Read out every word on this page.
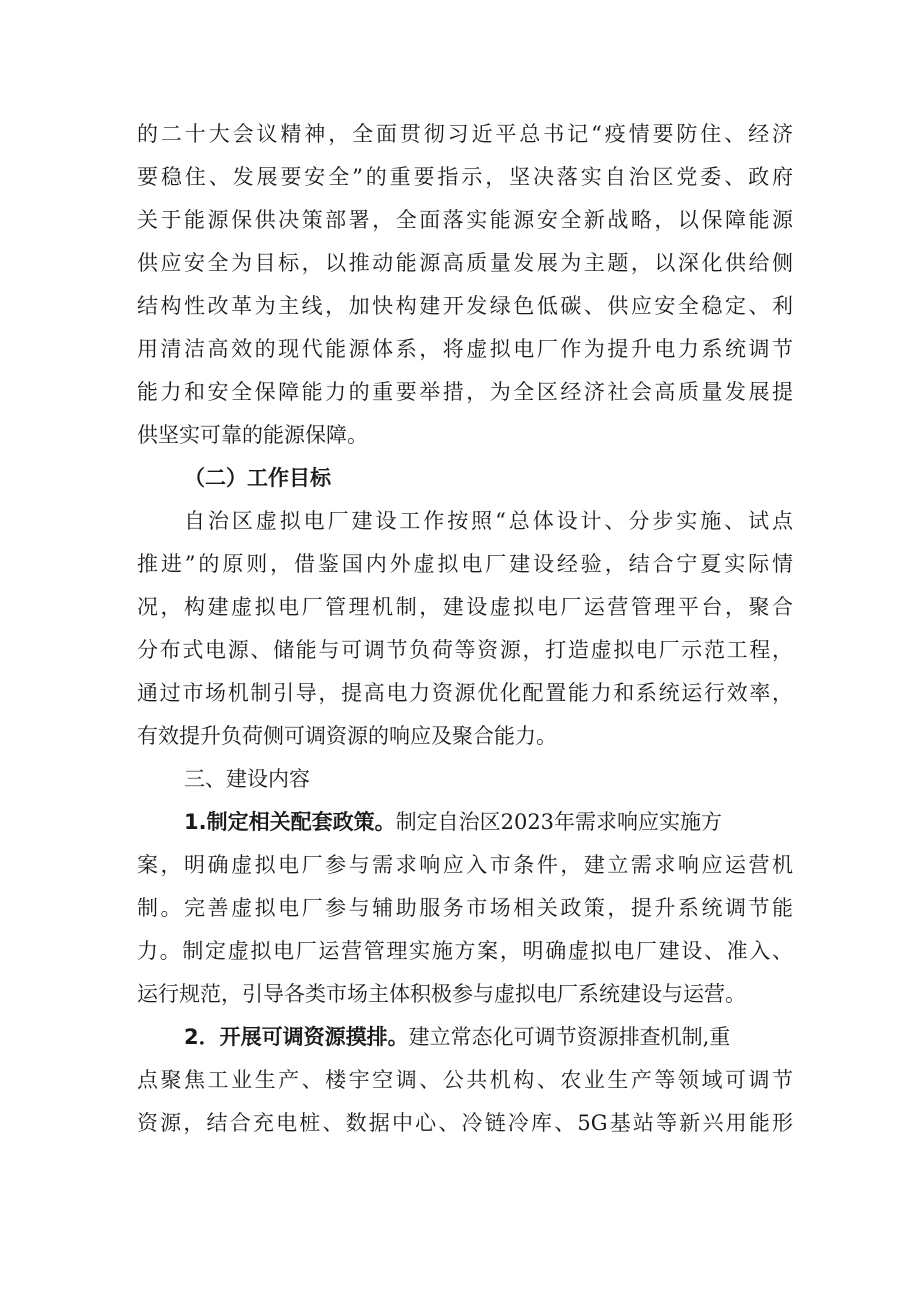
的二十大会议精神，全面贯彻习近平总书记“疫情要防住、经济
要稳住、发展要安全”的重要指示，坚决落实自治区党委、政府
关于能源保供决策部署，全面落实能源安全新战略，以保障能源
供应安全为目标，以推动能源高质量发展为主题，以深化供给侧
结构性改革为主线，加快构建开发绿色低碳、供应安全稳定、利
用清洁高效的现代能源体系，将虚拟电厂作为提升电力系统调节
能力和安全保障能力的重要举措，为全区经济社会高质量发展提
供坚实可靠的能源保障。
（二）工作目标
自治区虚拟电厂建设工作按照“总体设计、分步实施、试点
推进”的原则，借鉴国内外虚拟电厂建设经验，结合宁夏实际情
况，构建虚拟电厂管理机制，建设虚拟电厂运营管理平台，聚合
分布式电源、储能与可调节负荷等资源，打造虚拟电厂示范工程，
通过市场机制引导，提高电力资源优化配置能力和系统运行效率，
有效提升负荷侧可调资源的响应及聚合能力。
三、建设内容
1.制定相关配套政策。制定自治区2023年需求响应实施方
案，明确虚拟电厂参与需求响应入市条件，建立需求响应运营机
制。完善虚拟电厂参与辅助服务市场相关政策，提升系统调节能
力。制定虚拟电厂运营管理实施方案，明确虚拟电厂建设、准入、
运行规范，引导各类市场主体积极参与虚拟电厂系统建设与运营。
2．开展可调资源摸排。建立常态化可调节资源排查机制,重
点聚焦工业生产、楼宇空调、公共机构、农业生产等领域可调节
资源，结合充电桩、数据中心、冷链冷库、5G基站等新兴用能形
